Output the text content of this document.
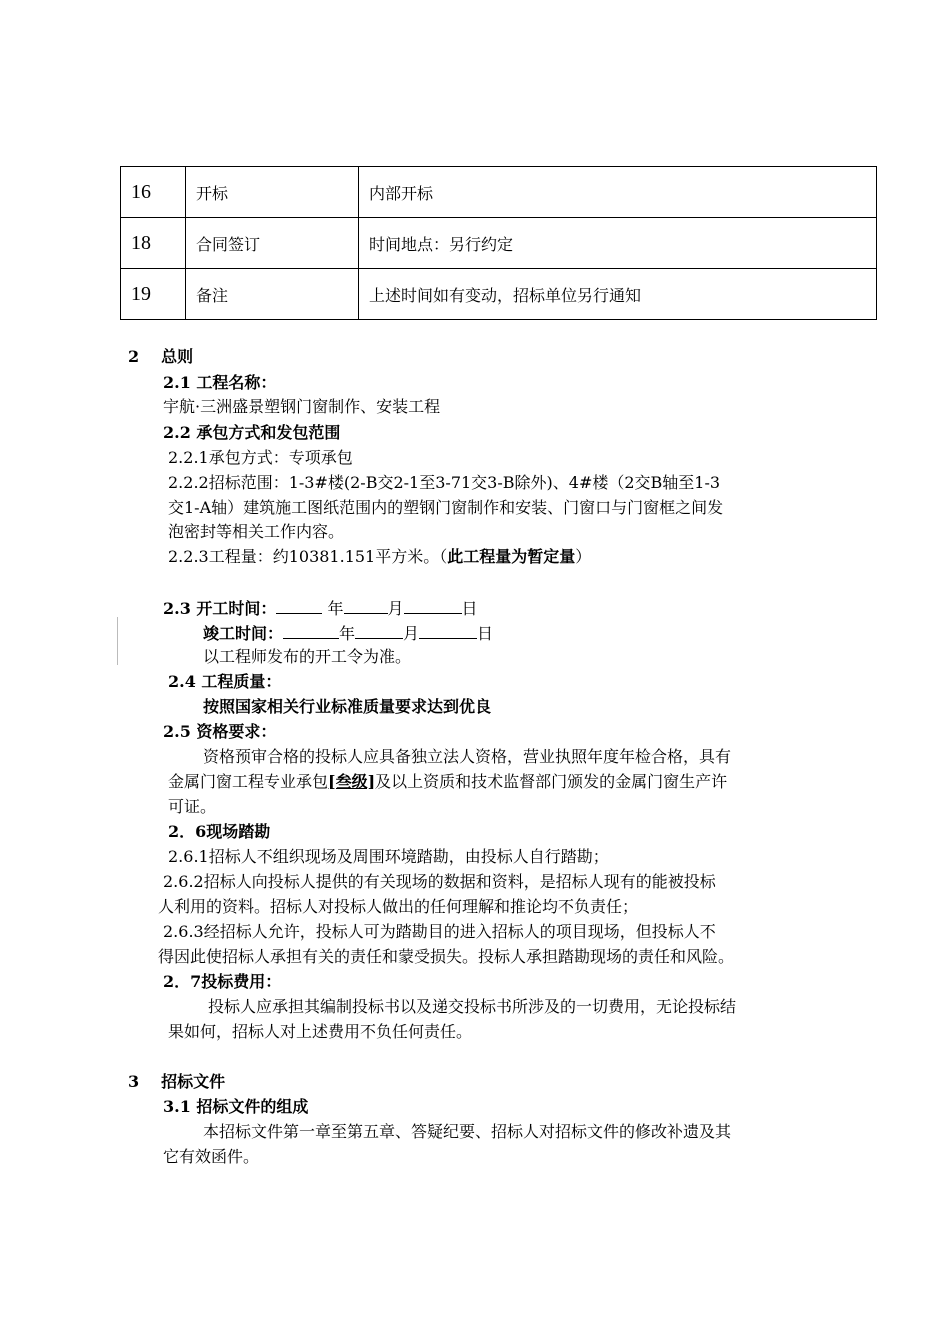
16	开标	内部开标
18	合同签订	时间地点：另行约定
19	备注	上述时间如有变动，招标单位另行通知
2 总则
2.1 工程名称：
宇航·三洲盛景塑钢门窗制作、安装工程
2.2 承包方式和发包范围
2.2.1承包方式：专项承包
2.2.2招标范围：1-3#楼(2-B交2-1至3-71交3-B除外)、4#楼（2交B轴至1-3
交1-A轴）建筑施工图纸范围内的塑钢门窗制作和安装、门窗口与门窗框之间发
泡密封等相关工作内容。
2.2.3工程量：约10381.151平方米。（此工程量为暂定量）
2.3 开工时间：	年	月	日
竣工时间：	年	月	日
以工程师发布的开工令为准。
2.4 工程质量：
按照国家相关行业标准质量要求达到优良
2.5 资格要求：
资格预审合格的投标人应具备独立法人资格，营业执照年度年检合格，具有
金属门窗工程专业承包[叁级]及以上资质和技术监督部门颁发的金属门窗生产许
可证。
2．6现场踏勘
2.6.1招标人不组织现场及周围环境踏勘，由投标人自行踏勘；
2.6.2招标人向投标人提供的有关现场的数据和资料，是招标人现有的能被投标
人利用的资料。招标人对投标人做出的任何理解和推论均不负责任；
2.6.3经招标人允许，投标人可为踏勘目的进入招标人的项目现场，但投标人不
得因此使招标人承担有关的责任和蒙受损失。投标人承担踏勘现场的责任和风险。
2．7投标费用：
投标人应承担其编制投标书以及递交投标书所涉及的一切费用，无论投标结
果如何，招标人对上述费用不负任何责任。
3 招标文件
3.1 招标文件的组成
本招标文件第一章至第五章、答疑纪要、招标人对招标文件的修改补遗及其
它有效函件。
